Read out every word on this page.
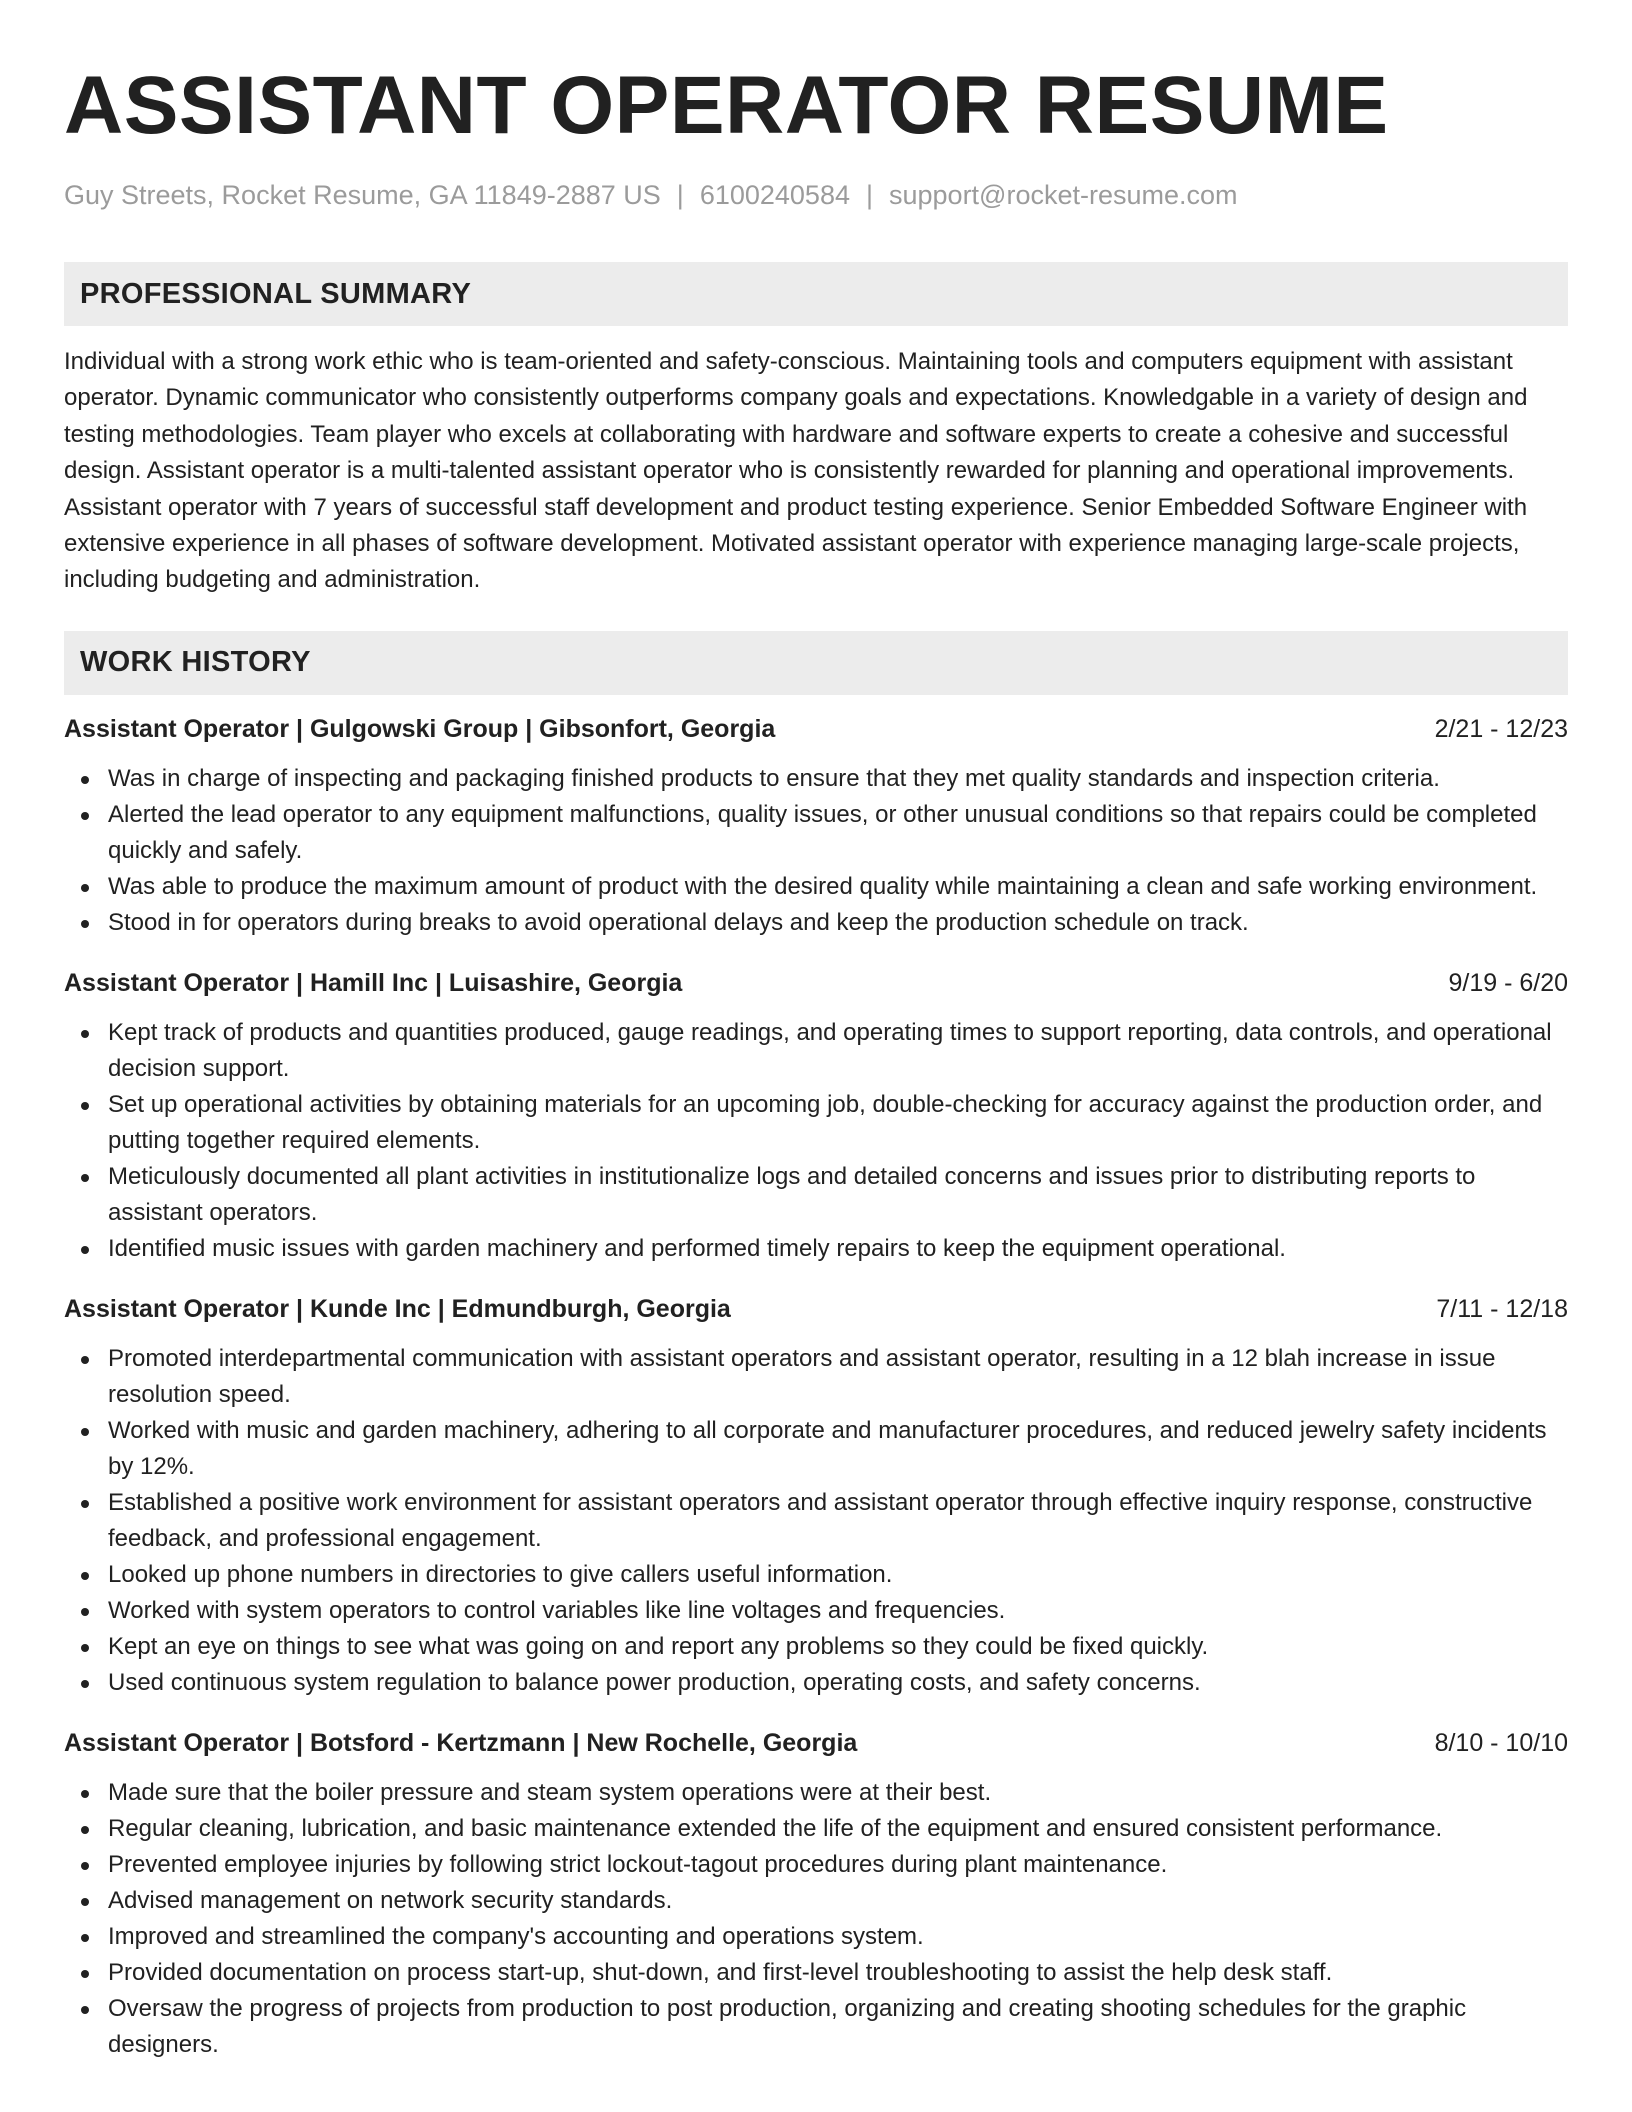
ASSISTANT OPERATOR RESUME
Guy Streets, Rocket Resume, GA 11849-2887 US | 6100240584 | support@rocket-resume.com
PROFESSIONAL SUMMARY

Individual with a strong work ethic who is team-oriented and safety-conscious. Maintaining tools and computers equipment with assistant operator. Dynamic communicator who consistently outperforms company goals and expectations. Knowledgable in a variety of design and testing methodologies. Team player who excels at collaborating with hardware and software experts to create a cohesive and successful design. Assistant operator is a multi-talented assistant operator who is consistently rewarded for planning and operational improvements. Assistant operator with 7 years of successful staff development and product testing experience. Senior Embedded Software Engineer with extensive experience in all phases of software development. Motivated assistant operator with experience managing large-scale projects, including budgeting and administration.

WORK HISTORY
Assistant Operator | Gulgowski Group | Gibsonfort, Georgia	2/21 - 12/23
Was in charge of inspecting and packaging finished products to ensure that they met quality standards and inspection criteria.
Alerted the lead operator to any equipment malfunctions, quality issues, or other unusual conditions so that repairs could be completed quickly and safely.
Was able to produce the maximum amount of product with the desired quality while maintaining a clean and safe working environment.
Stood in for operators during breaks to avoid operational delays and keep the production schedule on track.
Assistant Operator | Hamill Inc | Luisashire, Georgia	9/19 - 6/20
Kept track of products and quantities produced, gauge readings, and operating times to support reporting, data controls, and operational decision support.
Set up operational activities by obtaining materials for an upcoming job, double-checking for accuracy against the production order, and putting together required elements.
Meticulously documented all plant activities in institutionalize logs and detailed concerns and issues prior to distributing reports to assistant operators.
Identified music issues with garden machinery and performed timely repairs to keep the equipment operational.
Assistant Operator | Kunde Inc | Edmundburgh, Georgia	7/11 - 12/18
Promoted interdepartmental communication with assistant operators and assistant operator, resulting in a 12 blah increase in issue resolution speed.
Worked with music and garden machinery, adhering to all corporate and manufacturer procedures, and reduced jewelry safety incidents by 12%.
Established a positive work environment for assistant operators and assistant operator through effective inquiry response, constructive feedback, and professional engagement.
Looked up phone numbers in directories to give callers useful information.
Worked with system operators to control variables like line voltages and frequencies.
Kept an eye on things to see what was going on and report any problems so they could be fixed quickly.
Used continuous system regulation to balance power production, operating costs, and safety concerns.
Assistant Operator | Botsford - Kertzmann | New Rochelle, Georgia	8/10 - 10/10
Made sure that the boiler pressure and steam system operations were at their best.
Regular cleaning, lubrication, and basic maintenance extended the life of the equipment and ensured consistent performance.
Prevented employee injuries by following strict lockout-tagout procedures during plant maintenance.
Advised management on network security standards.
Improved and streamlined the company's accounting and operations system.
Provided documentation on process start-up, shut-down, and first-level troubleshooting to assist the help desk staff.
Oversaw the progress of projects from production to post production, organizing and creating shooting schedules for the graphic designers.
